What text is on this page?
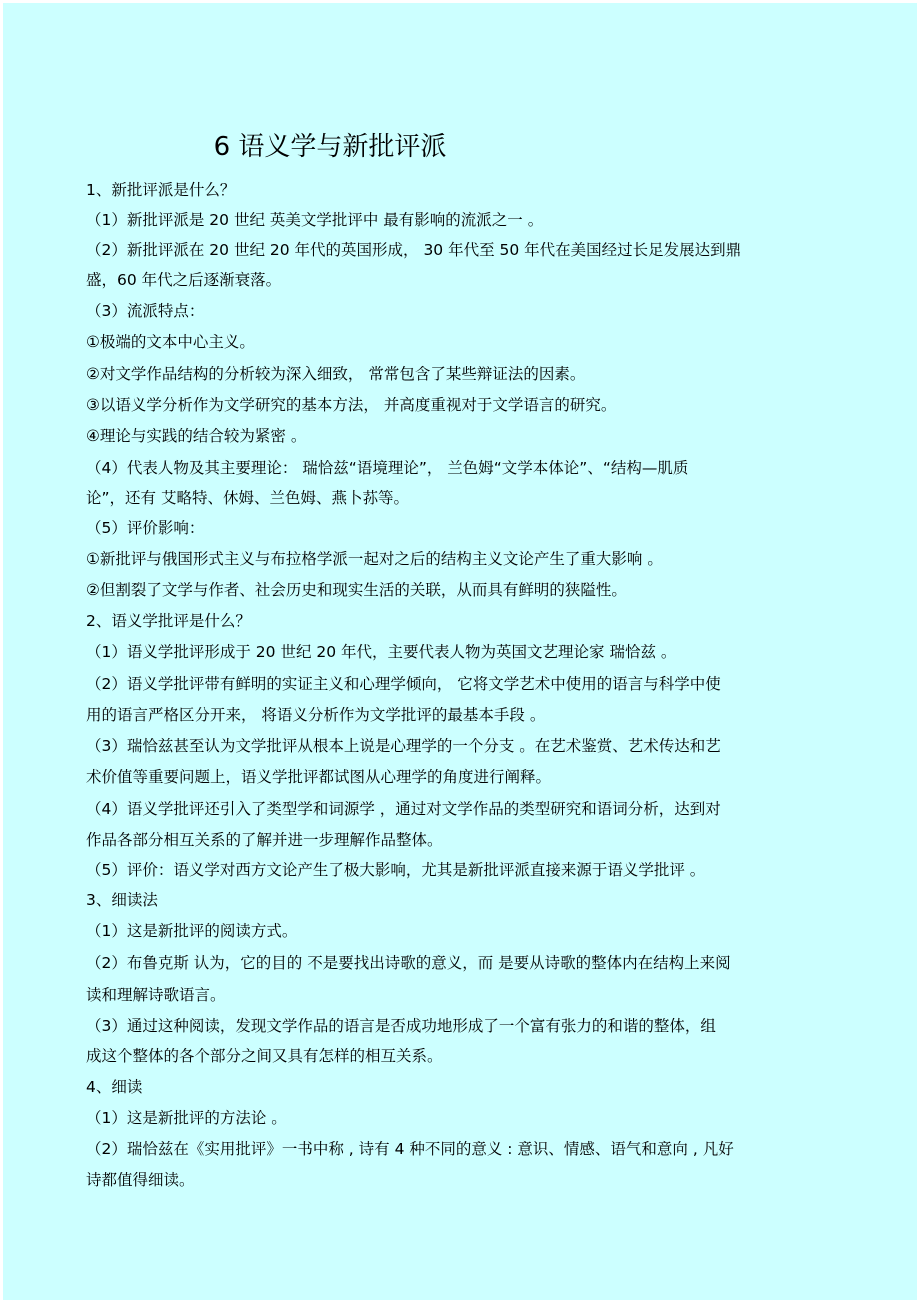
6 语义学与新批评派
1、新批评派是什么？
（1）新批评派是 20 世纪 英美文学批评中 最有影响的流派之一 。
（2）新批评派在 20 世纪 20 年代的英国形成， 30 年代至 50 年代在美国经过长足发展达到鼎
盛，60 年代之后逐渐衰落。
（3）流派特点：
①极端的文本中心主义。
②对文学作品结构的分析较为深入细致， 常常包含了某些辩证法的因素。
③以语义学分析作为文学研究的基本方法， 并高度重视对于文学语言的研究。
④理论与实践的结合较为紧密 。
（4）代表人物及其主要理论： 瑞恰兹“语境理论”， 兰色姆“文学本体论”、“结构—肌质
论”，还有 艾略特、休姆、兰色姆、燕卜荪等。
（5）评价影响：
①新批评与俄国形式主义与布拉格学派一起对之后的结构主义文论产生了重大影响 。
②但割裂了文学与作者、社会历史和现实生活的关联，从而具有鲜明的狭隘性。
2、语义学批评是什么？
（1）语义学批评形成于 20 世纪 20 年代，主要代表人物为英国文艺理论家 瑞恰兹 。
（2）语义学批评带有鲜明的实证主义和心理学倾向， 它将文学艺术中使用的语言与科学中使
用的语言严格区分开来， 将语义分析作为文学批评的最基本手段 。
（3）瑞恰兹甚至认为文学批评从根本上说是心理学的一个分支 。在艺术鉴赏、艺术传达和艺
术价值等重要问题上，语义学批评都试图从心理学的角度进行阐释。
（4）语义学批评还引入了类型学和词源学 ，通过对文学作品的类型研究和语词分析，达到对
作品各部分相互关系的了解并进一步理解作品整体。
（5）评价：语义学对西方文论产生了极大影响，尤其是新批评派直接来源于语义学批评 。
3、细读法
（1）这是新批评的阅读方式。
（2）布鲁克斯 认为，它的目的 不是要找出诗歌的意义，而 是要从诗歌的整体内在结构上来阅
读和理解诗歌语言。
（3）通过这种阅读，发现文学作品的语言是否成功地形成了一个富有张力的和谐的整体，组
成这个整体的各个部分之间又具有怎样的相互关系。
4、细读
（1）这是新批评的方法论 。
（2）瑞恰兹在《实用批评》一书中称 , 诗有 4 种不同的意义 : 意识、情感、语气和意向 , 凡好
诗都值得细读。
